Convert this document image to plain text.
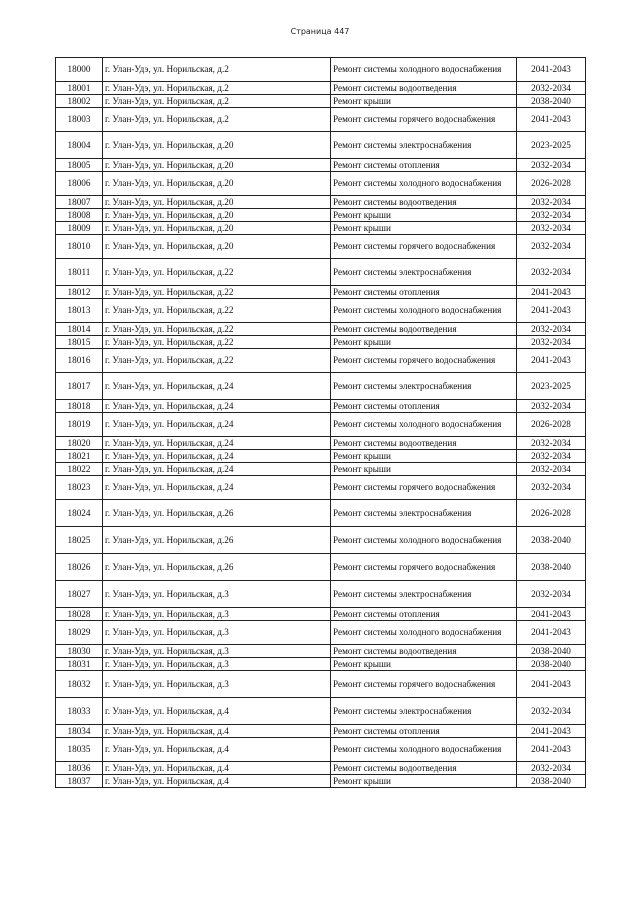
Страница 447
18000	г. Улан-Удэ, ул. Норильская, д.2	Ремонт системы холодного водоснабжения	2041-2043
18001	г. Улан-Удэ, ул. Норильская, д.2	Ремонт системы водоотведения	2032-2034
18002	г. Улан-Удэ, ул. Норильская, д.2	Ремонт крыши	2038-2040
18003	г. Улан-Удэ, ул. Норильская, д.2	Ремонт системы горячего водоснабжения	2041-2043
18004	г. Улан-Удэ, ул. Норильская, д.20	Ремонт системы электроснабжения	2023-2025
18005	г. Улан-Удэ, ул. Норильская, д.20	Ремонт системы отопления	2032-2034
18006	г. Улан-Удэ, ул. Норильская, д.20	Ремонт системы холодного водоснабжения	2026-2028
18007	г. Улан-Удэ, ул. Норильская, д.20	Ремонт системы водоотведения	2032-2034
18008	г. Улан-Удэ, ул. Норильская, д.20	Ремонт крыши	2032-2034
18009	г. Улан-Удэ, ул. Норильская, д.20	Ремонт крыши	2032-2034
18010	г. Улан-Удэ, ул. Норильская, д.20	Ремонт системы горячего водоснабжения	2032-2034
18011	г. Улан-Удэ, ул. Норильская, д.22	Ремонт системы электроснабжения	2032-2034
18012	г. Улан-Удэ, ул. Норильская, д.22	Ремонт системы отопления	2041-2043
18013	г. Улан-Удэ, ул. Норильская, д.22	Ремонт системы холодного водоснабжения	2041-2043
18014	г. Улан-Удэ, ул. Норильская, д.22	Ремонт системы водоотведения	2032-2034
18015	г. Улан-Удэ, ул. Норильская, д.22	Ремонт крыши	2032-2034
18016	г. Улан-Удэ, ул. Норильская, д.22	Ремонт системы горячего водоснабжения	2041-2043
18017	г. Улан-Удэ, ул. Норильская, д.24	Ремонт системы электроснабжения	2023-2025
18018	г. Улан-Удэ, ул. Норильская, д.24	Ремонт системы отопления	2032-2034
18019	г. Улан-Удэ, ул. Норильская, д.24	Ремонт системы холодного водоснабжения	2026-2028
18020	г. Улан-Удэ, ул. Норильская, д.24	Ремонт системы водоотведения	2032-2034
18021	г. Улан-Удэ, ул. Норильская, д.24	Ремонт крыши	2032-2034
18022	г. Улан-Удэ, ул. Норильская, д.24	Ремонт крыши	2032-2034
18023	г. Улан-Удэ, ул. Норильская, д.24	Ремонт системы горячего водоснабжения	2032-2034
18024	г. Улан-Удэ, ул. Норильская, д.26	Ремонт системы электроснабжения	2026-2028
18025	г. Улан-Удэ, ул. Норильская, д.26	Ремонт системы холодного водоснабжения	2038-2040
18026	г. Улан-Удэ, ул. Норильская, д.26	Ремонт системы горячего водоснабжения	2038-2040
18027	г. Улан-Удэ, ул. Норильская, д.3	Ремонт системы электроснабжения	2032-2034
18028	г. Улан-Удэ, ул. Норильская, д.3	Ремонт системы отопления	2041-2043
18029	г. Улан-Удэ, ул. Норильская, д.3	Ремонт системы холодного водоснабжения	2041-2043
18030	г. Улан-Удэ, ул. Норильская, д.3	Ремонт системы водоотведения	2038-2040
18031	г. Улан-Удэ, ул. Норильская, д.3	Ремонт крыши	2038-2040
18032	г. Улан-Удэ, ул. Норильская, д.3	Ремонт системы горячего водоснабжения	2041-2043
18033	г. Улан-Удэ, ул. Норильская, д.4	Ремонт системы электроснабжения	2032-2034
18034	г. Улан-Удэ, ул. Норильская, д.4	Ремонт системы отопления	2041-2043
18035	г. Улан-Удэ, ул. Норильская, д.4	Ремонт системы холодного водоснабжения	2041-2043
18036	г. Улан-Удэ, ул. Норильская, д.4	Ремонт системы водоотведения	2032-2034
18037	г. Улан-Удэ, ул. Норильская, д.4	Ремонт крыши	2038-2040
